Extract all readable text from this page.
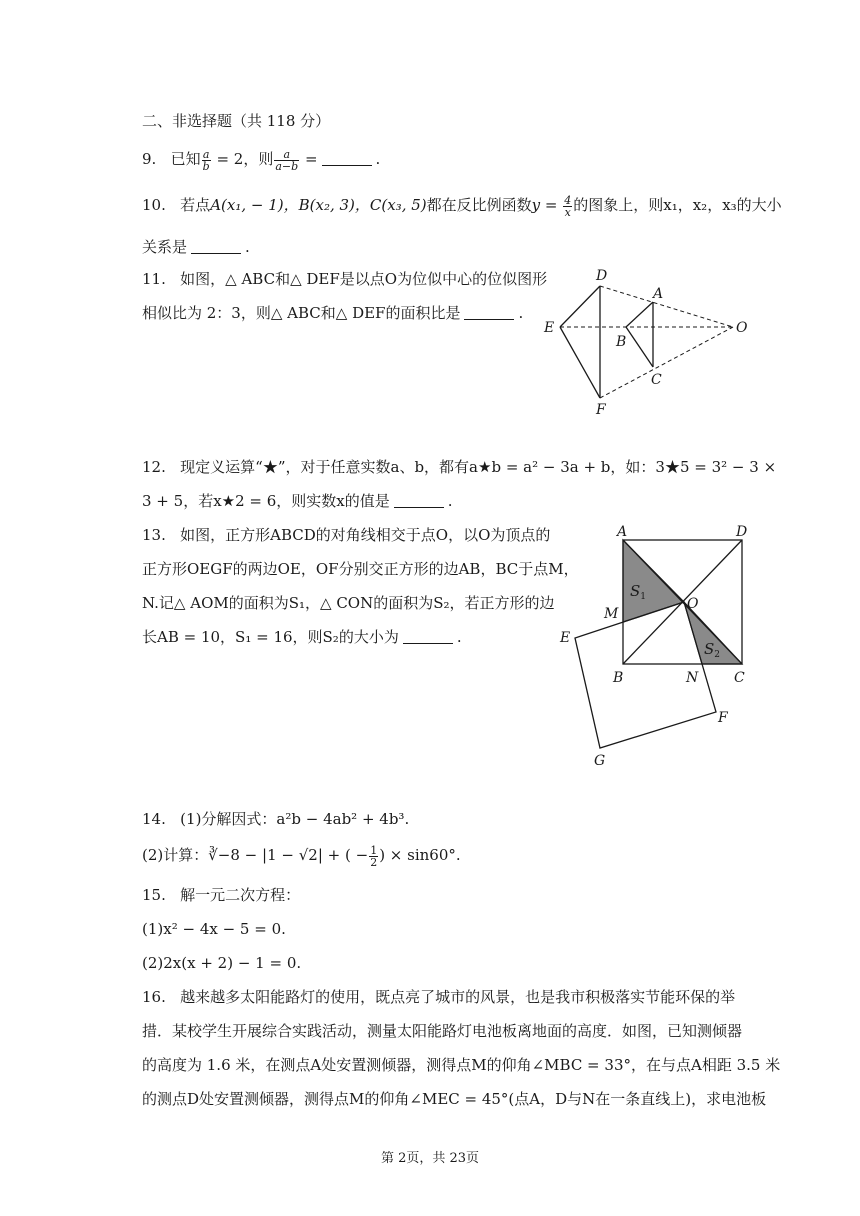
二、非选择题（共 118 分）
9. 已知 $\frac{a}{b} = 2$，则 $\frac{a}{a-b}$ =	.
10. 若点A(x₁, − 1)，B(x₂, 3)，C(x₃, 5)都在反比例函数$y = \frac{4}{x}$ 的图象上，则x₁，x₂，x₃的大小
关系是	.
11. 如图，△ ABC和△ DEF是以点O为位似中心的位似图形
相似比为 2：3，则△ ABC和△ DEF的面积比是	.
D
E
F
A
B
C
O
12. 现定义运算“★”，对于任意实数a、b，都有a★b = a² − 3a + b，如：3★5 = 3² − 3 ×
3 + 5，若x★2 = 6，则实数x的值是	.
13. 如图，正方形ABCD的对角线相交于点O，以O为顶点的
正方形OEGF的两边OE，OF分别交正方形的边AB，BC于点M，
N.记△ AOM的面积为S₁，△ CON的面积为S₂，若正方形的边
长AB = 10，S₁ = 16，则S₂的大小为	.
A	D
M
O
E
B	N	C
F
G
$S_1$
$S_2$
14. (1)分解因式：a²b − 4ab² + 4b³.
(2)计算：∛−8 − |1 − √2| + ( − $\frac{1}{2}$ ) × sin60°.
15. 解一元二次方程：
(1)x² − 4x − 5 = 0.
(2)2x(x + 2) − 1 = 0.
16. 越来越多太阳能路灯的使用，既点亮了城市的风景，也是我市积极落实节能环保的举
措．某校学生开展综合实践活动，测量太阳能路灯电池板离地面的高度．如图，已知测倾器
的高度为 1.6 米，在测点A处安置测倾器，测得点M的仰角∠MBC = 33°，在与点A相距 3.5 米
的测点D处安置测倾器，测得点M的仰角∠MEC = 45°(点A，D与N在一条直线上)，求电池板
第 2页，共 23页
